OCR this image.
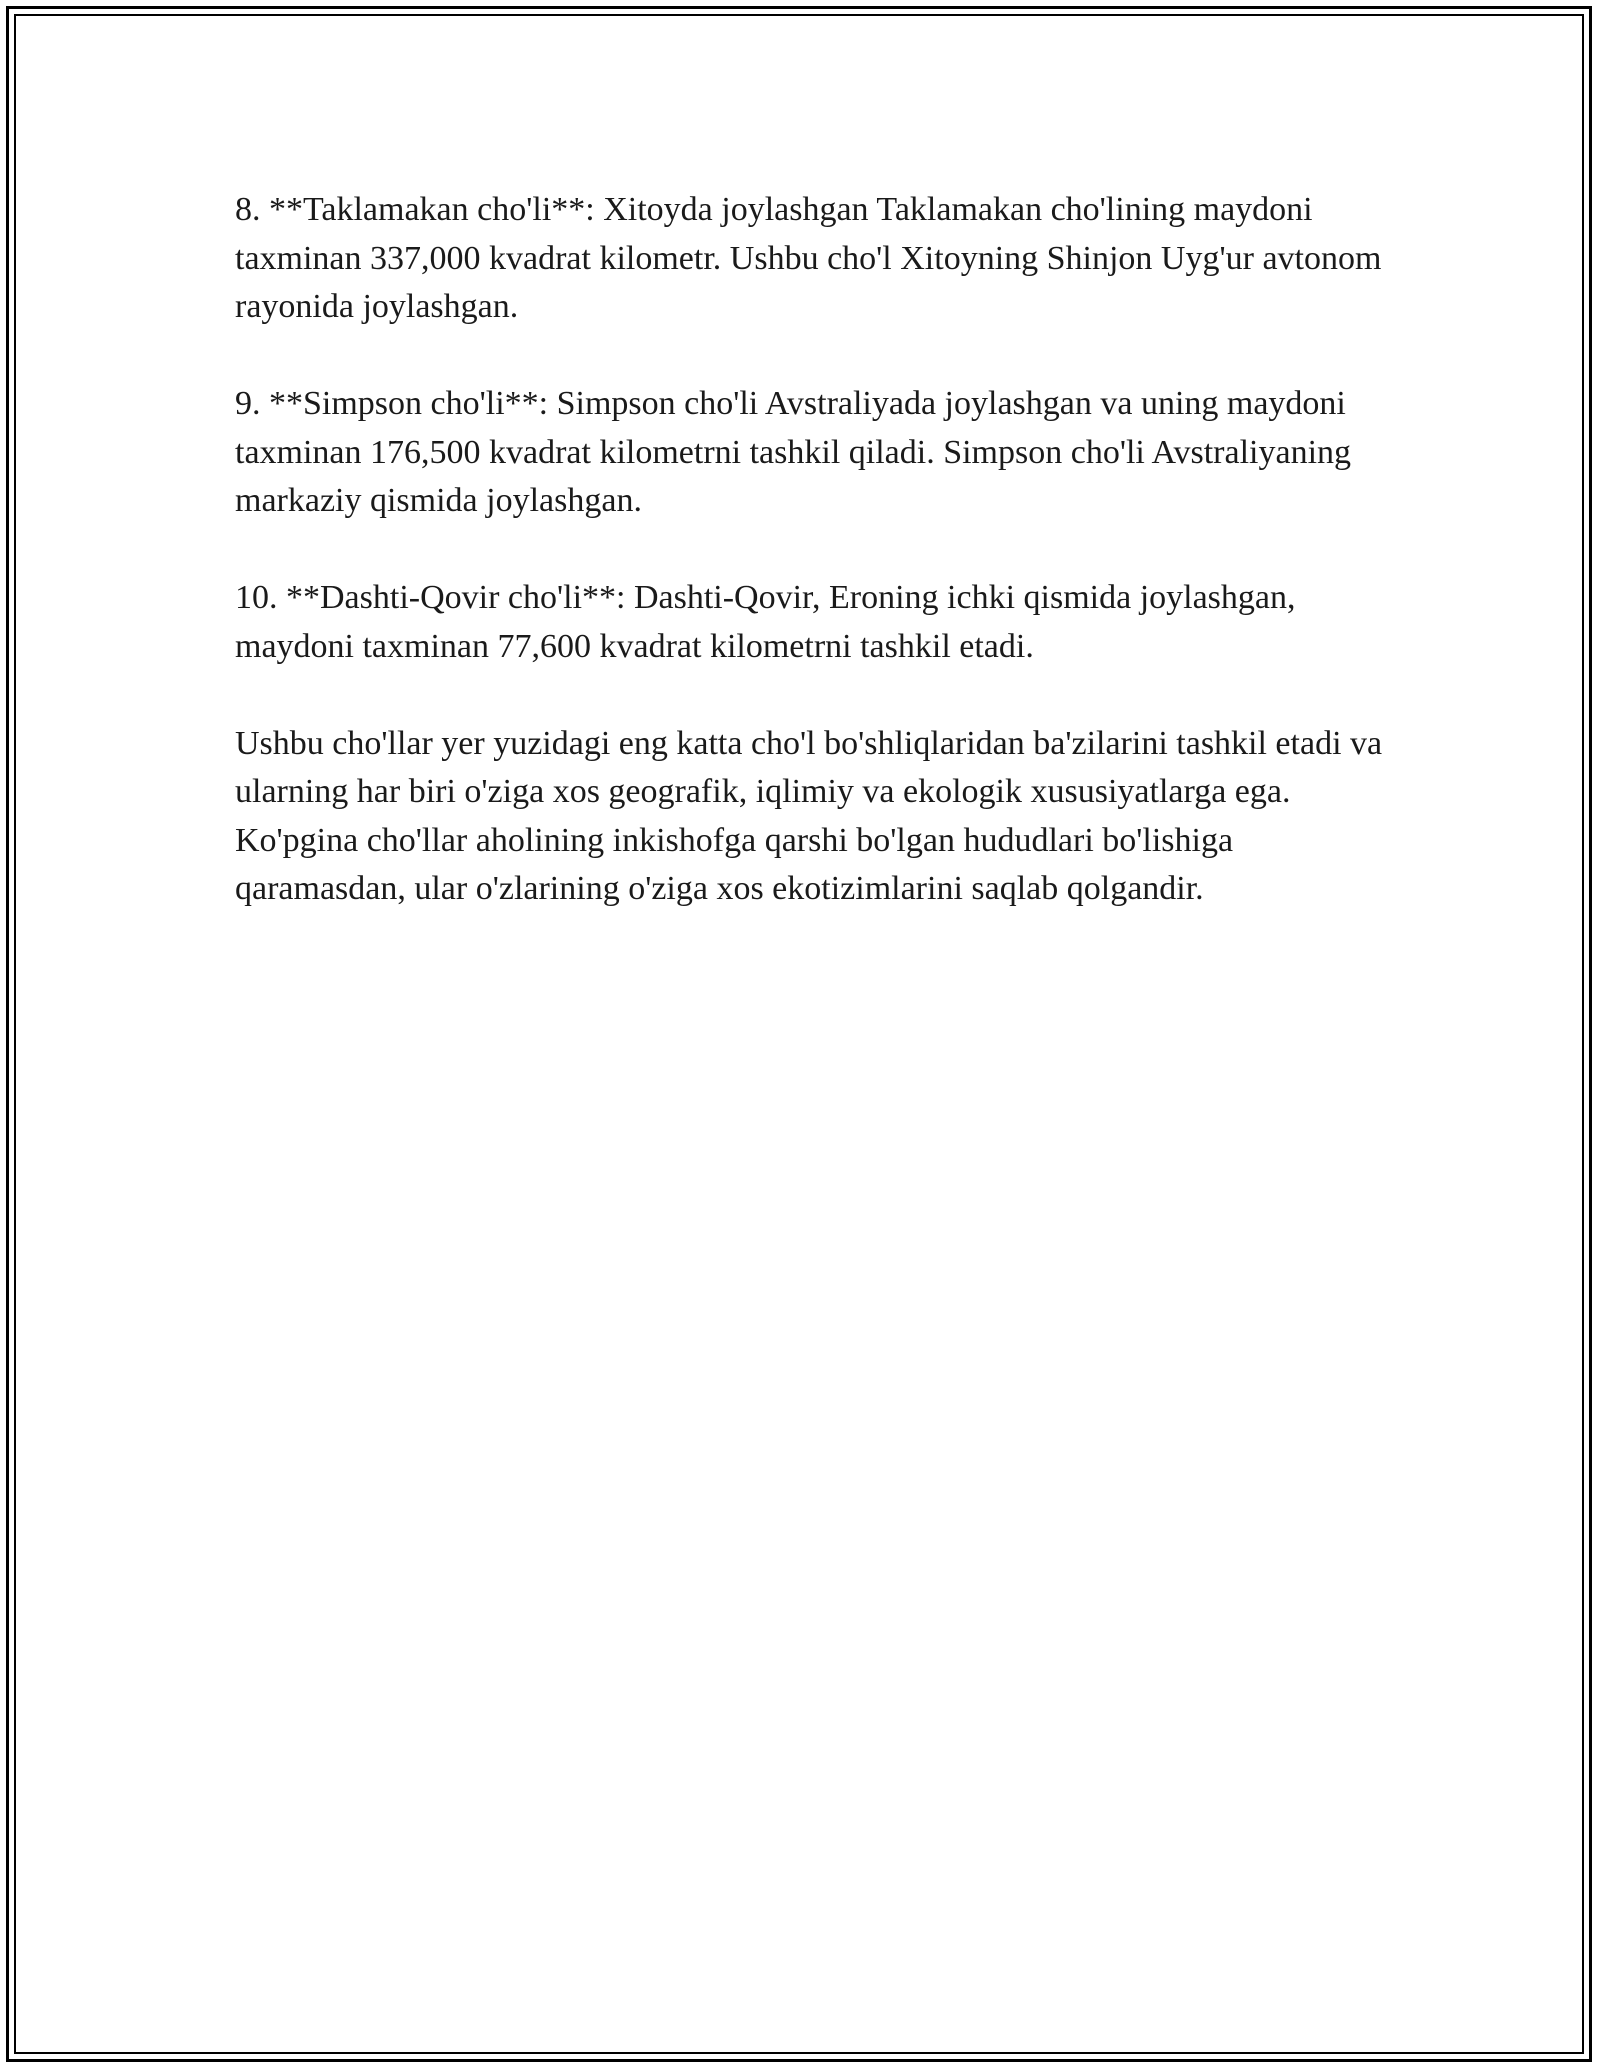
8. **Taklamakan cho'li**: Xitoyda joylashgan Taklamakan cho'lining maydoni taxminan 337,000 kvadrat kilometr. Ushbu cho'l Xitoyning Shinjon Uyg'ur avtonom rayonida joylashgan.

9. **Simpson cho'li**: Simpson cho'li Avstraliyada joylashgan va uning maydoni taxminan 176,500 kvadrat kilometrni tashkil qiladi. Simpson cho'li Avstraliyaning markaziy qismida joylashgan.

10. **Dashti-Qovir cho'li**: Dashti-Qovir, Eroning ichki qismida joylashgan, maydoni taxminan 77,600 kvadrat kilometrni tashkil etadi.

Ushbu cho'llar yer yuzidagi eng katta cho'l bo'shliqlaridan ba'zilarini tashkil etadi va ularning har biri o'ziga xos geografik, iqlimiy va ekologik xususiyatlarga ega. Ko'pgina cho'llar aholining inkishofga qarshi bo'lgan hududlari bo'lishiga qaramasdan, ular o'zlarining o'ziga xos ekotizimlarini saqlab qolgandir.
